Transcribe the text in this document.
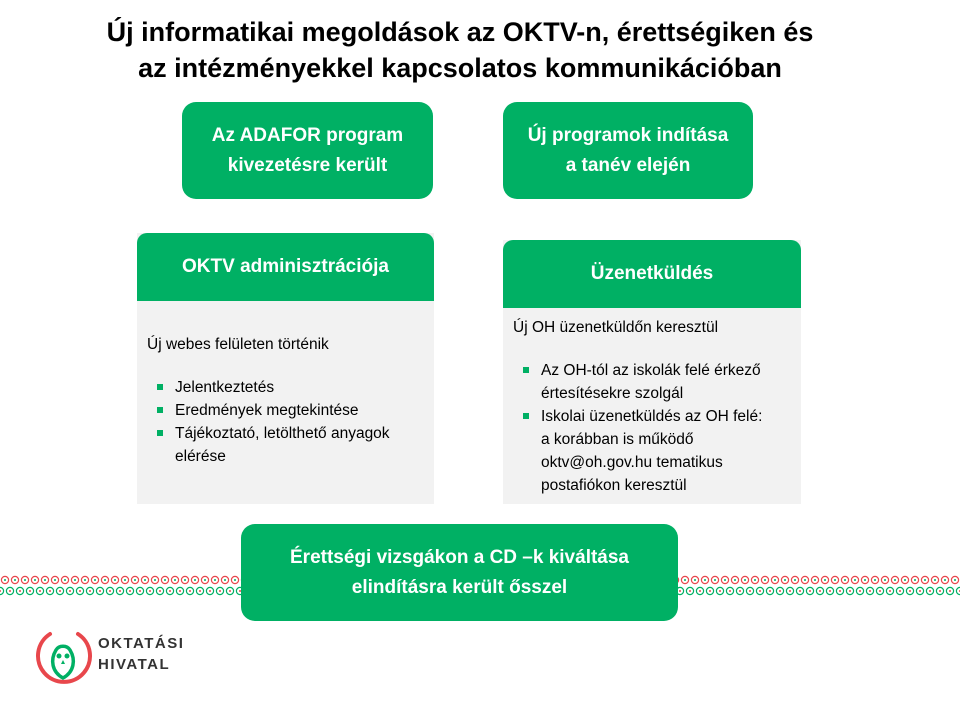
Új informatikai megoldások az OKTV-n, érettségiken és
az intézményekkel kapcsolatos kommunikációban
Az ADAFOR program
kivezetésre került
Új programok indítása
a tanév elején
OKTV adminisztrációja
Új webes felületen történik
Jelentkeztetés
Eredmények megtekintése
Tájékoztató, letölthető anyagok
elérése
Üzenetküldés
Új OH üzenetküldőn keresztül
Az OH-tól az iskolák felé érkező
értesítésekre szolgál
Iskolai üzenetküldés az OH felé:
a korábban is működő
oktv@oh.gov.hu tematikus
postafiókon keresztül
Érettségi vizsgákon a CD –k kiváltása
elindításra került ősszel
OKTATÁSI
HIVATAL
